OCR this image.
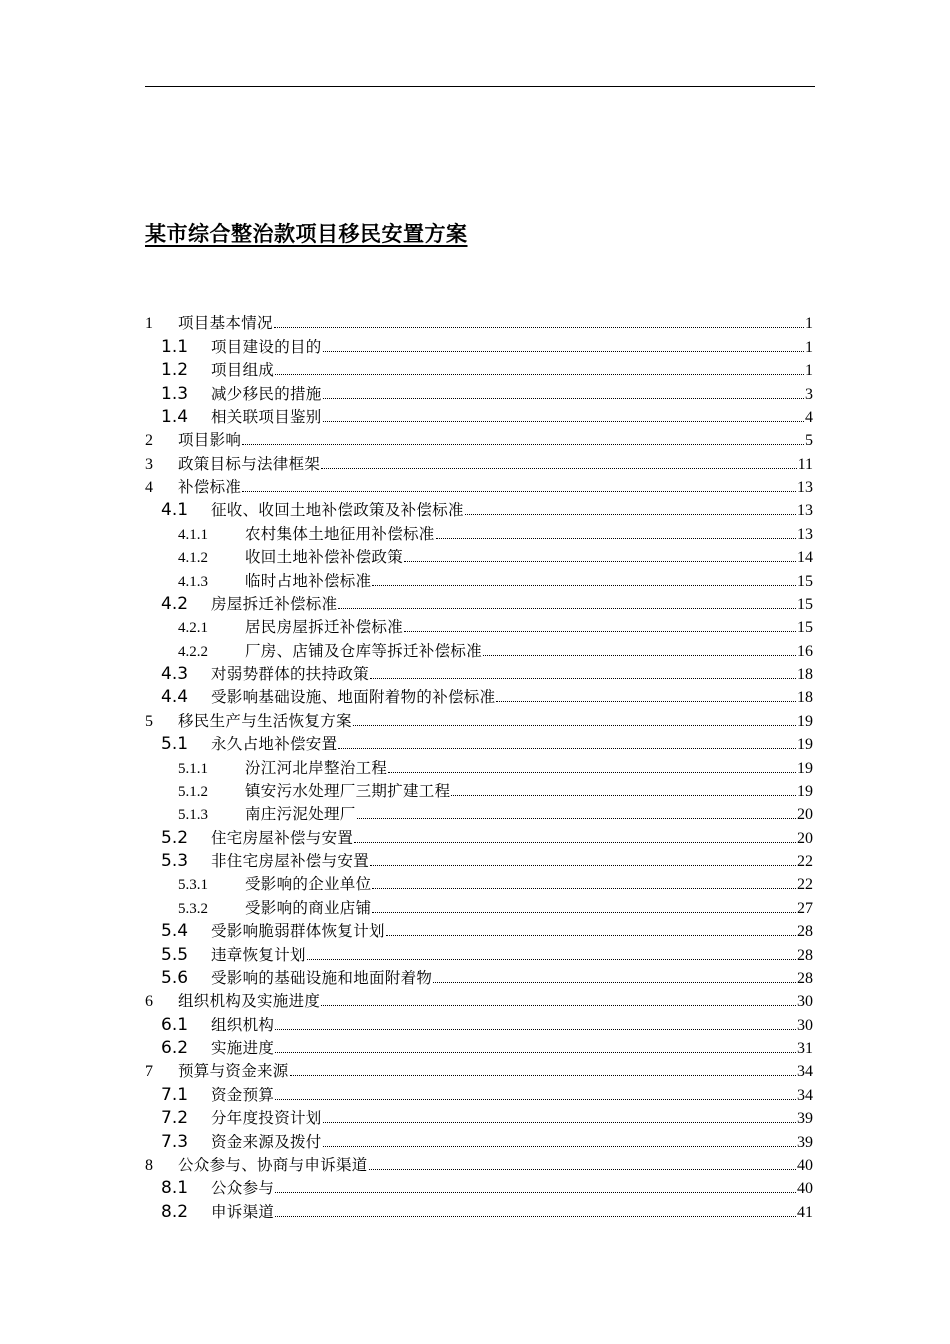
某市综合整治款项目移民安置方案
1	项目基本情况	1
1.1	项目建设的目的	1
1.2	项目组成	1
1.3	减少移民的措施	3
1.4	相关联项目鉴别	4
2	项目影响	5
3	政策目标与法律框架	11
4	补偿标准	13
4.1	征收、收回土地补偿政策及补偿标准	13
4.1.1	农村集体土地征用补偿标准	13
4.1.2	收回土地补偿补偿政策	14
4.1.3	临时占地补偿标准	15
4.2	房屋拆迁补偿标准	15
4.2.1	居民房屋拆迁补偿标准	15
4.2.2	厂房、店铺及仓库等拆迁补偿标准	16
4.3	对弱势群体的扶持政策	18
4.4	受影响基础设施、地面附着物的补偿标准	18
5	移民生产与生活恢复方案	19
5.1	永久占地补偿安置	19
5.1.1	汾江河北岸整治工程	19
5.1.2	镇安污水处理厂三期扩建工程	19
5.1.3	南庄污泥处理厂	20
5.2	住宅房屋补偿与安置	20
5.3	非住宅房屋补偿与安置	22
5.3.1	受影响的企业单位	22
5.3.2	受影响的商业店铺	27
5.4	受影响脆弱群体恢复计划	28
5.5	违章恢复计划	28
5.6	受影响的基础设施和地面附着物	28
6	组织机构及实施进度	30
6.1	组织机构	30
6.2	实施进度	31
7	预算与资金来源	34
7.1	资金预算	34
7.2	分年度投资计划	39
7.3	资金来源及拨付	39
8	公众参与、协商与申诉渠道	40
8.1	公众参与	40
8.2	申诉渠道	41
